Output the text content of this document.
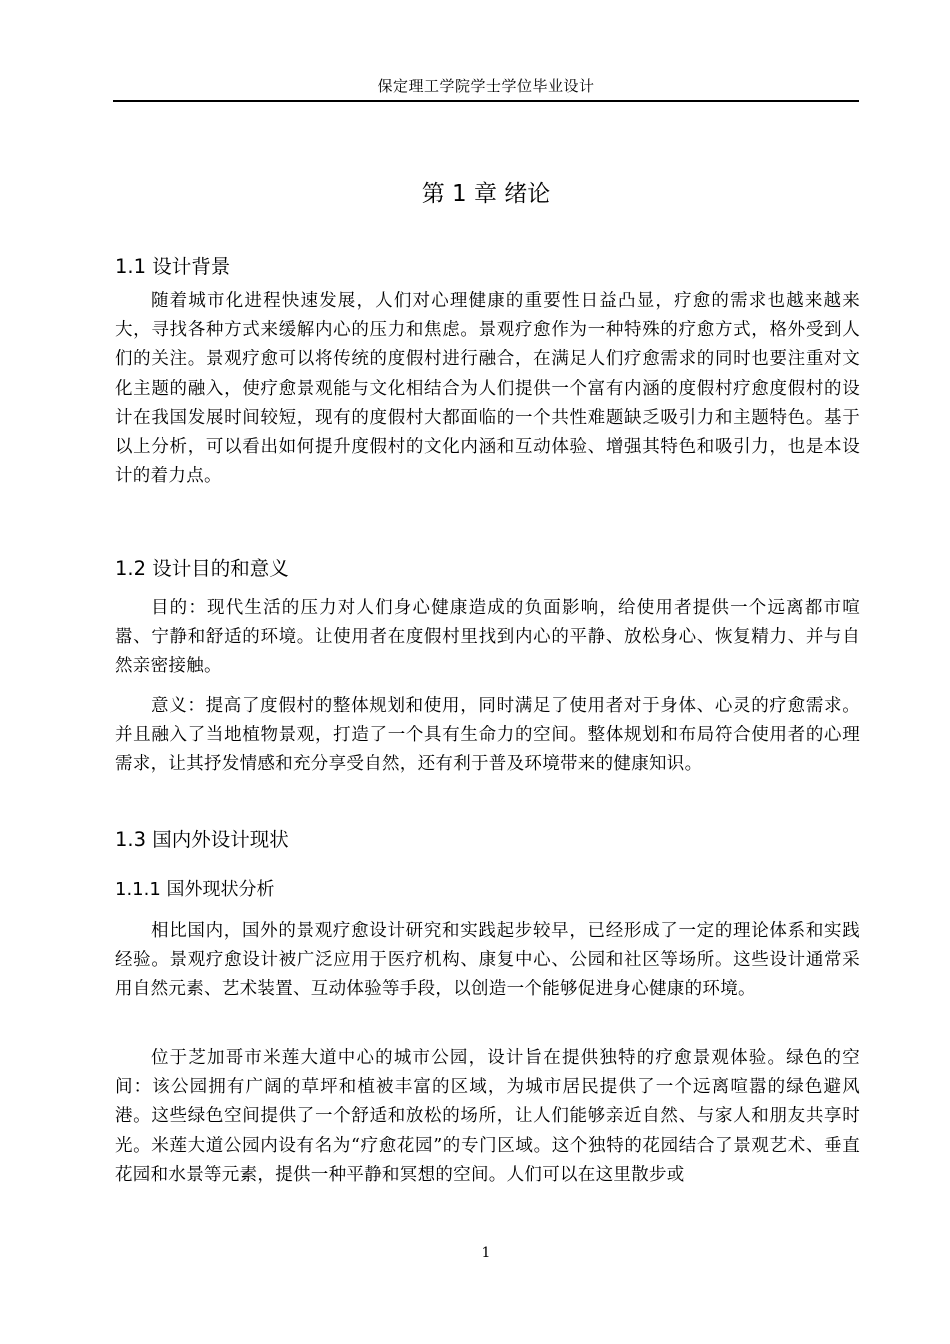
保定理工学院学士学位毕业设计
第 1 章 绪论
1.1 设计背景

随着城市化进程快速发展，人们对心理健康的重要性日益凸显，疗愈的需求也越来越来大，寻找各种方式来缓解内心的压力和焦虑。景观疗愈作为一种特殊的疗愈方式，格外受到人们的关注。景观疗愈可以将传统的度假村进行融合，在满足人们疗愈需求的同时也要注重对文化主题的融入，使疗愈景观能与文化相结合为人们提供一个富有内涵的度假村疗愈度假村的设计在我国发展时间较短，现有的度假村大都面临的一个共性难题缺乏吸引力和主题特色。基于以上分析，可以看出如何提升度假村的文化内涵和互动体验、增强其特色和吸引力，也是本设计的着力点。

1.2 设计目的和意义

目的：现代生活的压力对人们身心健康造成的负面影响，给使用者提供一个远离都市喧嚣、宁静和舒适的环境。让使用者在度假村里找到内心的平静、放松身心、恢复精力、并与自然亲密接触。

意义：提高了度假村的整体规划和使用，同时满足了使用者对于身体、心灵的疗愈需求。并且融入了当地植物景观，打造了一个具有生命力的空间。整体规划和布局符合使用者的心理需求，让其抒发情感和充分享受自然，还有利于普及环境带来的健康知识。

1.3 国内外设计现状
1.1.1 国外现状分析

相比国内，国外的景观疗愈设计研究和实践起步较早，已经形成了一定的理论体系和实践经验。景观疗愈设计被广泛应用于医疗机构、康复中心、公园和社区等场所。这些设计通常采用自然元素、艺术装置、互动体验等手段，以创造一个能够促进身心健康的环境。

位于芝加哥市米莲大道中心的城市公园，设计旨在提供独特的疗愈景观体验。绿色的空间：该公园拥有广阔的草坪和植被丰富的区域，为城市居民提供了一个远离喧嚣的绿色避风港。这些绿色空间提供了一个舒适和放松的场所，让人们能够亲近自然、与家人和朋友共享时光。米莲大道公园内设有名为“疗愈花园”的专门区域。这个独特的花园结合了景观艺术、垂直花园和水景等元素，提供一种平静和冥想的空间。人们可以在这里散步或

1
